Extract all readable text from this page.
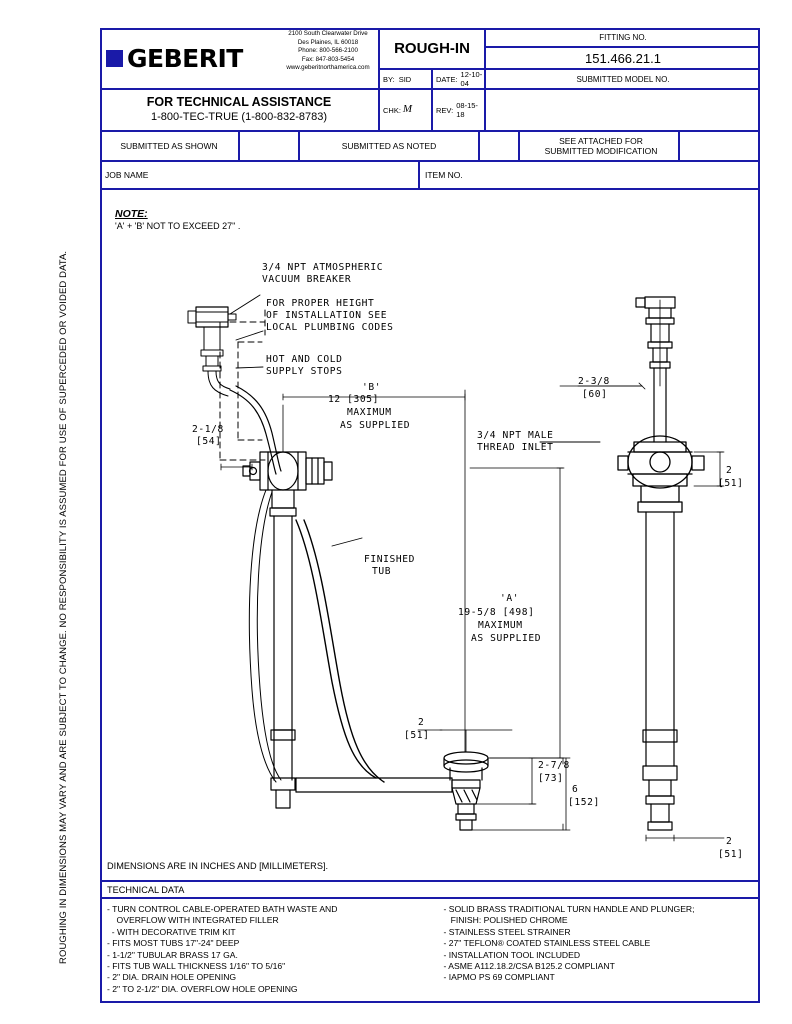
ROUGHING IN DIMENSIONS MAY VARY AND ARE SUBJECT TO CHANGE. NO RESPONSIBILITY IS ASSUMED FOR USE OF SUPERCEDED OR VOIDED DATA.
GEBERIT
2100 South Clearwater Drive
Des Plaines, IL 60018
Phone: 800-566-2100
Fax: 847-803-5454
www.geberitnorthamerica.com
FOR TECHNICAL ASSISTANCE
1-800-TEC-TRUE (1-800-832-8783)
ROUGH-IN
FITTING NO.
151.466.21.1
BY: SID	DATE: 12-10-04
CHK: M	REV: 08-15-18
SUBMITTED MODEL NO.
SUBMITTED AS SHOWN	SUBMITTED AS NOTED	SEE ATTACHED FOR
SUBMITTED MODIFICATION
JOB NAME	ITEM NO.
NOTE:
'A' + 'B' NOT TO EXCEED 27" .
3/4 NPT ATMOSPHERIC
VACUUM BREAKER
FOR PROPER HEIGHT
OF INSTALLATION SEE
LOCAL PLUMBING CODES
HOT AND COLD
SUPPLY STOPS
'B'
12 [305]
MAXIMUM
AS SUPPLIED
2-1/8
[54]
3/4 NPT MALE
THREAD INLET
FINISHED
TUB
'A'
19-5/8 [498]
MAXIMUM
AS SUPPLIED
2
[51]
2-7/8
[73]
6
[152]
2-3/8
[60]
2
[51]
2
[51]
DIMENSIONS ARE IN INCHES AND [MILLIMETERS].
TECHNICAL DATA
- TURN CONTROL CABLE-OPERATED BATH WASTE AND
OVERFLOW WITH INTEGRATED FILLER
- WITH DECORATIVE TRIM KIT
- FITS MOST TUBS 17"-24" DEEP
- 1-1/2" TUBULAR BRASS 17 GA.
- FITS TUB WALL THICKNESS 1/16" TO 5/16"
- 2" DIA. DRAIN HOLE OPENING
- 2" TO 2-1/2" DIA. OVERFLOW HOLE OPENING
- SOLID BRASS TRADITIONAL TURN HANDLE AND PLUNGER;
FINISH: POLISHED CHROME
- STAINLESS STEEL STRAINER
- 27" TEFLON® COATED STAINLESS STEEL CABLE
- INSTALLATION TOOL INCLUDED
- ASME A112.18.2/CSA B125.2 COMPLIANT
- IAPMO PS 69 COMPLIANT
